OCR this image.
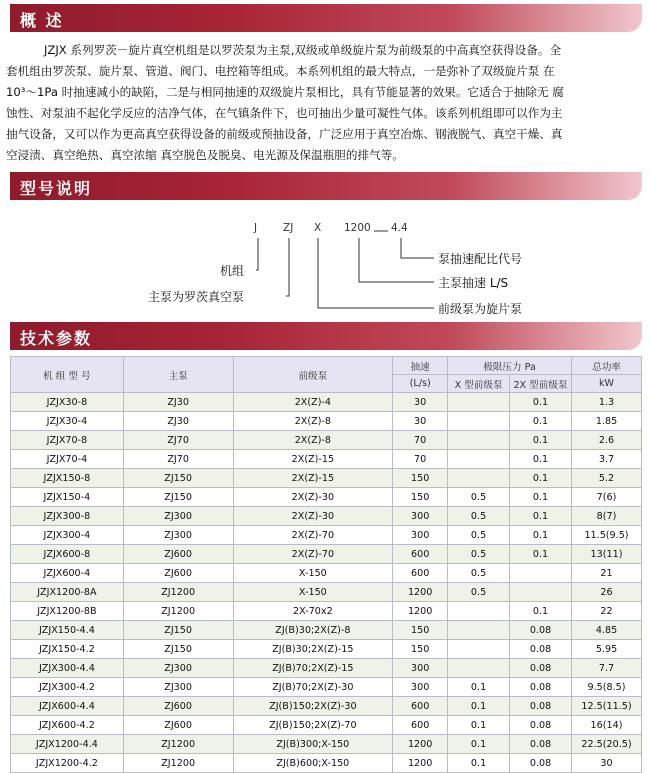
概 述
JZJX 系列罗茨－旋片真空机组是以罗茨泵为主泵,双级或单级旋片泵为前级泵的中高真空获得设备。全
套机组由罗茨泵、旋片泵、管道、阀门、电控箱等组成。本系列机组的最大特点，一是弥补了双级旋片泵 在
10³～1Pa 时抽速减小的缺陷，二是与相同抽速的双级旋片泵相比，具有节能显著的效果。它适合于抽除无 腐
蚀性、对泵油不起化学反应的洁净气体，在气镇条件下，也可抽出少量可凝性气体。该系列机组即可以作为主
抽气设备，又可以作为更高真空获得设备的前级或预抽设备，广泛应用于真空冶炼、钢液脱气、真空干燥、真
空浸渍、真空绝热、真空浓缩 真空脱色及脱臭、电光源及保温瓶胆的排气等。
型号说明
J ZJ X 1200 4.4
泵抽速配比代号
主泵抽速 L/S
前级泵为旋片泵
机组
主泵为罗茨真空泵
技术参数
机 组 型 号	主泵	前级泵	抽速	极限压力 Pa		总功率
			(L/s)	X 型前级泵	2X 型前级泵	kW
JZJX30-8	ZJ30	2X(Z)-4	30		0.1	1.3
JZJX30-4	ZJ30	2X(Z)-8	30		0.1	1.85
JZJX70-8	ZJ70	2X(Z)-8	70		0.1	2.6
JZJX70-4	ZJ70	2X(Z)-15	70		0.1	3.7
JZJX150-8	ZJ150	2X(Z)-15	150		0.1	5.2
JZJX150-4	ZJ150	2X(Z)-30	150	0.5	0.1	7(6)
JZJX300-8	ZJ300	2X(Z)-30	300	0.5	0.1	8(7)
JZJX300-4	ZJ300	2X(Z)-70	300	0.5	0.1	11.5(9.5)
JZJX600-8	ZJ600	2X(Z)-70	600	0.5	0.1	13(11)
JZJX600-4	ZJ600	X-150	600	0.5		21
JZJX1200-8A	ZJ1200	X-150	1200	0.5		26
JZJX1200-8B	ZJ1200	2X-70x2	1200		0.1	22
JZJX150-4.4	ZJ150	ZJ(B)30;2X(Z)-8	150		0.08	4.85
JZJX150-4.2	ZJ150	ZJ(B)30;2X(Z)-15	150		0.08	5.95
JZJX300-4.4	ZJ300	ZJ(B)70;2X(Z)-15	300		0.08	7.7
JZJX300-4.2	ZJ300	ZJ(B)70;2X(Z)-30	300	0.1	0.08	9.5(8.5)
JZJX600-4.4	ZJ600	ZJ(B)150;2X(Z)-30	600	0.1	0.08	12.5(11.5)
JZJX600-4.2	ZJ600	ZJ(B)150;2X(Z)-70	600	0.1	0.08	16(14)
JZJX1200-4.4	ZJ1200	ZJ(B)300;X-150	1200	0.1	0.08	22.5(20.5)
JZJX1200-4.2	ZJ1200	ZJ(B)600;X-150	1200	0.1	0.08	30
